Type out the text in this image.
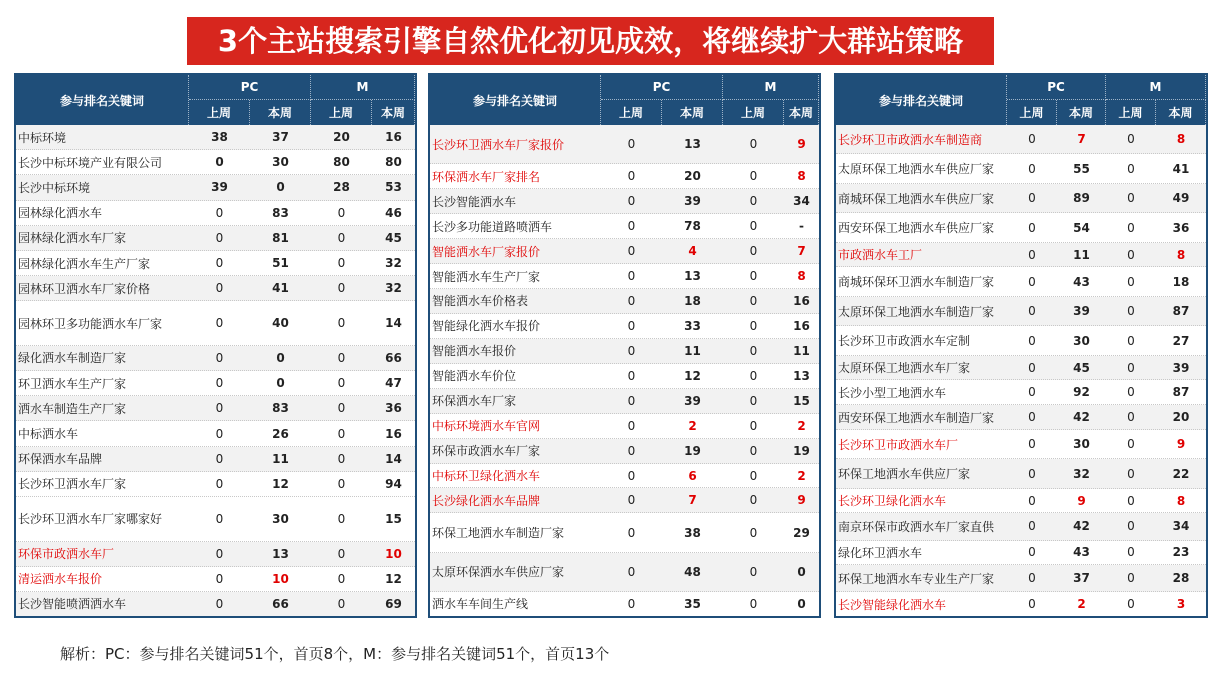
3个主站搜索引擎自然优化初见成效，将继续扩大群站策略
参与排名关键词
PC	M
上周	本周	上周	本周
中标环境	38	37	20	16
长沙中标环境产业有限公司	0	30	80	80
长沙中标环境	39	0	28	53
园林绿化洒水车	0	83	0	46
园林绿化洒水车厂家	0	81	0	45
园林绿化洒水车生产厂家	0	51	0	32
园林环卫洒水车厂家价格	0	41	0	32
园林环卫多功能洒水车厂家	0	40	0	14
绿化洒水车制造厂家	0	0	0	66
环卫洒水车生产厂家	0	0	0	47
洒水车制造生产厂家	0	83	0	36
中标洒水车	0	26	0	16
环保洒水车品牌	0	11	0	14
长沙环卫洒水车厂家	0	12	0	94
长沙环卫洒水车厂家哪家好	0	30	0	15
环保市政洒水车厂	0	13	0	10
清运洒水车报价	0	10	0	12
长沙智能喷洒洒水车	0	66	0	69
参与排名关键词
PC	M
上周	本周	上周	本周
长沙环卫洒水车厂家报价	0	13	0	9
环保洒水车厂家排名	0	20	0	8
长沙智能洒水车	0	39	0	34
长沙多功能道路喷洒车	0	78	0	-
智能洒水车厂家报价	0	4	0	7
智能洒水车生产厂家	0	13	0	8
智能洒水车价格表	0	18	0	16
智能绿化洒水车报价	0	33	0	16
智能洒水车报价	0	11	0	11
智能洒水车价位	0	12	0	13
环保洒水车厂家	0	39	0	15
中标环境洒水车官网	0	2	0	2
环保市政洒水车厂家	0	19	0	19
中标环卫绿化洒水车	0	6	0	2
长沙绿化洒水车品牌	0	7	0	9
环保工地洒水车制造厂家	0	38	0	29
太原环保洒水车供应厂家	0	48	0	0
洒水车车间生产线	0	35	0	0
参与排名关键词
PC	M
上周	本周	上周	本周
长沙环卫市政洒水车制造商	0	7	0	8
太原环保工地洒水车供应厂家	0	55	0	41
商城环保工地洒水车供应厂家	0	89	0	49
西安环保工地洒水车供应厂家	0	54	0	36
市政洒水车工厂	0	11	0	8
商城环保环卫洒水车制造厂家	0	43	0	18
太原环保工地洒水车制造厂家	0	39	0	87
长沙环卫市政洒水车定制	0	30	0	27
太原环保工地洒水车厂家	0	45	0	39
长沙小型工地洒水车	0	92	0	87
西安环保工地洒水车制造厂家	0	42	0	20
长沙环卫市政洒水车厂	0	30	0	9
环保工地洒水车供应厂家	0	32	0	22
长沙环卫绿化洒水车	0	9	0	8
南京环保市政洒水车厂家直供	0	42	0	34
绿化环卫洒水车	0	43	0	23
环保工地洒水车专业生产厂家	0	37	0	28
长沙智能绿化洒水车	0	2	0	3
解析：PC：参与排名关键词51个，首页8个，M：参与排名关键词51个，首页13个
